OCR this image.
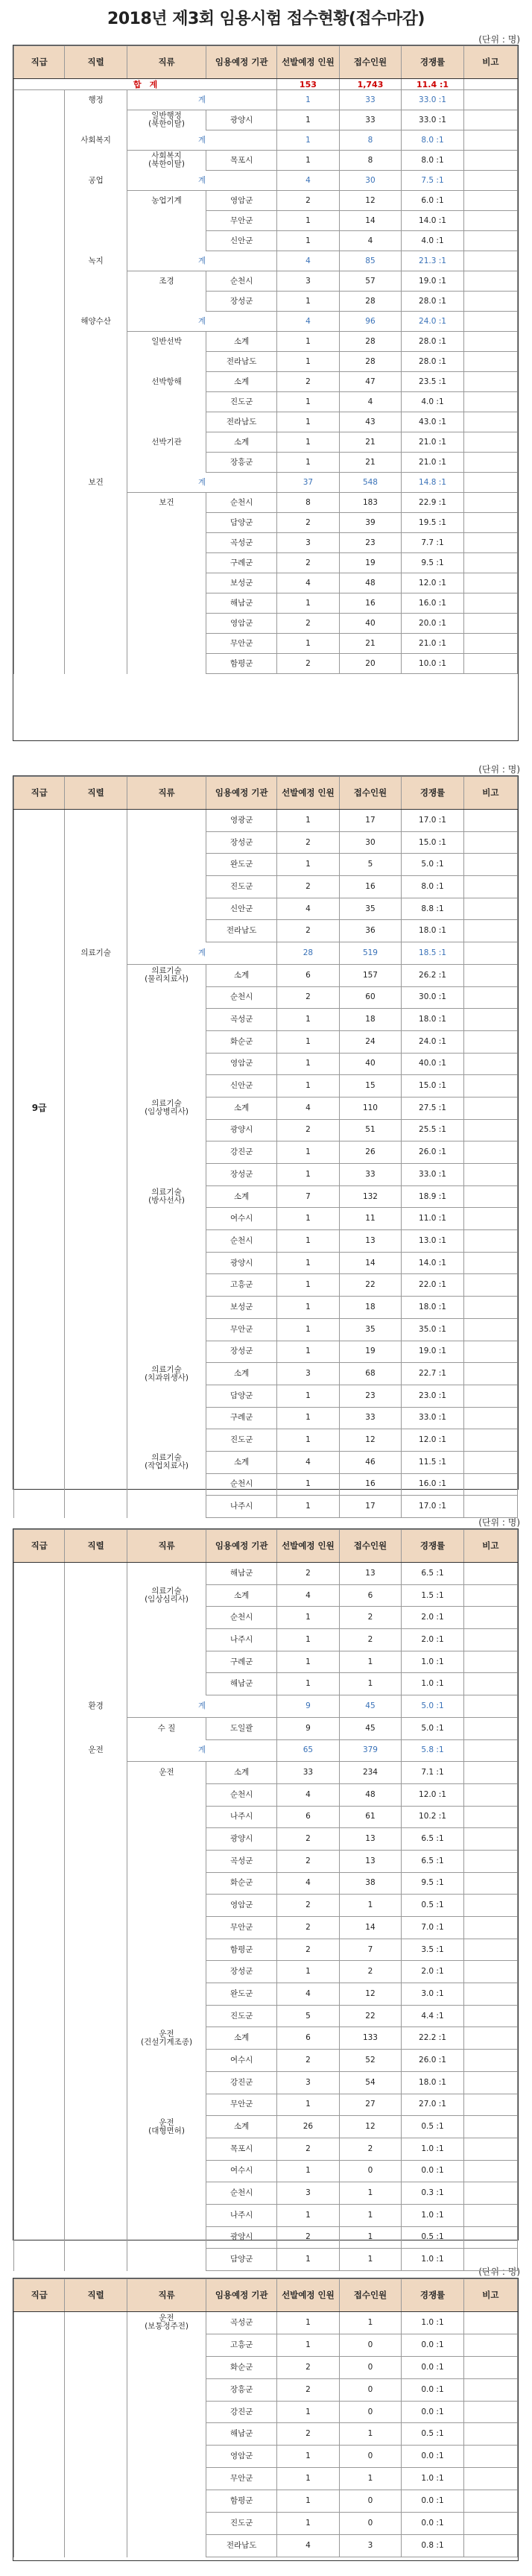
2018년 제3회 임용시험 접수현황(접수마감)
(단위 : 명)
(단위 : 명)
(단위 : 명)
(단위 : 명)
직급	직렬	직류	임용예정 기관	선발예정 인원	접수인원	경쟁률	비고
합　계				153	1,743	11.4 :1	
	행정	계		1	33	33.0 :1	
		일반행정
(북한이탈)	광양시	1	33	33.0 :1	
	사회복지	계		1	8	8.0 :1	
		사회복지
(북한이탈)	목포시	1	8	8.0 :1	
	공업	계		4	30	7.5 :1	
		농업기계	영암군	2	12	6.0 :1	
			무안군	1	14	14.0 :1	
			신안군	1	4	4.0 :1	
	녹지	계		4	85	21.3 :1	
		조경	순천시	3	57	19.0 :1	
			장성군	1	28	28.0 :1	
	해양수산	계		4	96	24.0 :1	
		일반선박	소계	1	28	28.0 :1	
			전라남도	1	28	28.0 :1	
		선박항해	소계	2	47	23.5 :1	
			진도군	1	4	4.0 :1	
			전라남도	1	43	43.0 :1	
		선박기관	소계	1	21	21.0 :1	
			장흥군	1	21	21.0 :1	
	보건	계		37	548	14.8 :1	
		보건	순천시	8	183	22.9 :1	
			담양군	2	39	19.5 :1	
			곡성군	3	23	7.7 :1	
			구례군	2	19	9.5 :1	
			보성군	4	48	12.0 :1	
			해남군	1	16	16.0 :1	
			영암군	2	40	20.0 :1	
			무안군	1	21	21.0 :1	
			함평군	2	20	10.0 :1	
직급	직렬	직류	임용예정 기관	선발예정 인원	접수인원	경쟁률	비고
			영광군	1	17	17.0 :1	
			장성군	2	30	15.0 :1	
			완도군	1	5	5.0 :1	
			진도군	2	16	8.0 :1	
			신안군	4	35	8.8 :1	
			전라남도	2	36	18.0 :1	
	의료기술	계		28	519	18.5 :1	
		의료기술
(물리치료사)	소계	6	157	26.2 :1	
			순천시	2	60	30.0 :1	
			곡성군	1	18	18.0 :1	
			화순군	1	24	24.0 :1	
			영암군	1	40	40.0 :1	
			신안군	1	15	15.0 :1	
9급		의료기술
(임상병리사)	소계	4	110	27.5 :1	
			광양시	2	51	25.5 :1	
			강진군	1	26	26.0 :1	
			장성군	1	33	33.0 :1	
		의료기술
(방사선사)	소계	7	132	18.9 :1	
			여수시	1	11	11.0 :1	
			순천시	1	13	13.0 :1	
			광양시	1	14	14.0 :1	
			고흥군	1	22	22.0 :1	
			보성군	1	18	18.0 :1	
			무안군	1	35	35.0 :1	
			장성군	1	19	19.0 :1	
		의료기술
(치과위생사)	소계	3	68	22.7 :1	
			담양군	1	23	23.0 :1	
			구례군	1	33	33.0 :1	
			진도군	1	12	12.0 :1	
		의료기술
(작업치료사)	소계	4	46	11.5 :1	
			순천시	1	16	16.0 :1	
			나주시	1	17	17.0 :1	
직급	직렬	직류	임용예정 기관	선발예정 인원	접수인원	경쟁률	비고
			해남군	2	13	6.5 :1	
		의료기술
(임상심리사)	소계	4	6	1.5 :1	
			순천시	1	2	2.0 :1	
			나주시	1	2	2.0 :1	
			구례군	1	1	1.0 :1	
			해남군	1	1	1.0 :1	
	환경	계		9	45	5.0 :1	
		수 질	도일괄	9	45	5.0 :1	
	운전	계		65	379	5.8 :1	
		운전	소계	33	234	7.1 :1	
			순천시	4	48	12.0 :1	
			나주시	6	61	10.2 :1	
			광양시	2	13	6.5 :1	
			곡성군	2	13	6.5 :1	
			화순군	4	38	9.5 :1	
			영암군	2	1	0.5 :1	
			무안군	2	14	7.0 :1	
			함평군	2	7	3.5 :1	
			장성군	1	2	2.0 :1	
			완도군	4	12	3.0 :1	
			진도군	5	22	4.4 :1	
		운전
(건설기계조종)	소계	6	133	22.2 :1	
			여수시	2	52	26.0 :1	
			강진군	3	54	18.0 :1	
			무안군	1	27	27.0 :1	
		운전
(대형면허)	소계	26	12	0.5 :1	
			목포시	2	2	1.0 :1	
			여수시	1	0	0.0 :1	
			순천시	3	1	0.3 :1	
			나주시	1	1	1.0 :1	
			광양시	2	1	0.5 :1	
			담양군	1	1	1.0 :1	
직급	직렬	직류	임용예정 기관	선발예정 인원	접수인원	경쟁률	비고
		운전
(보통정주전)	곡성군	1	1	1.0 :1	
			고흥군	1	0	0.0 :1	
			화순군	2	0	0.0 :1	
			장흥군	2	0	0.0 :1	
			강진군	1	0	0.0 :1	
			해남군	2	1	0.5 :1	
			영암군	1	0	0.0 :1	
			무안군	1	1	1.0 :1	
			함평군	1	0	0.0 :1	
			진도군	1	0	0.0 :1	
			전라남도	4	3	0.8 :1	
